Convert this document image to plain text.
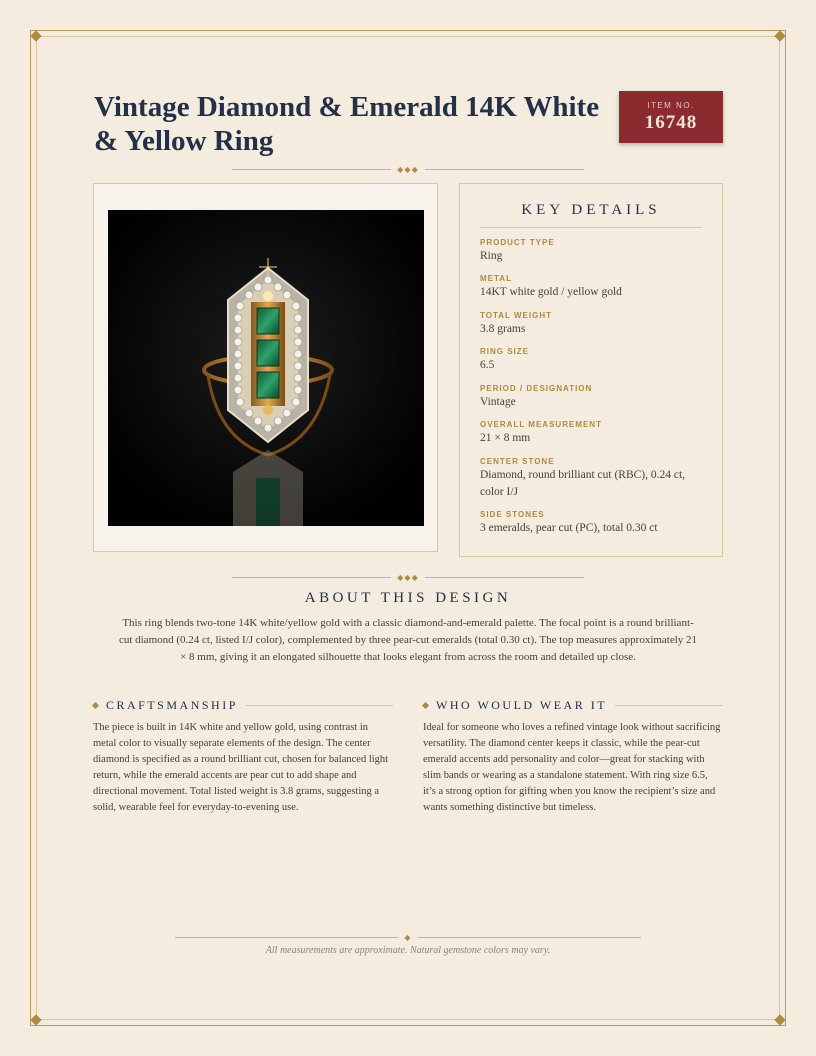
Vintage Diamond & Emerald 14K White & Yellow Ring
ITEM NO.
16748
◆◆◆
KEY DETAILS
PRODUCT TYPE
Ring
METAL
14KT white gold / yellow gold
TOTAL WEIGHT
3.8 grams
RING SIZE
6.5
PERIOD / DESIGNATION
Vintage
OVERALL MEASUREMENT
21 × 8 mm
CENTER STONE
Diamond, round brilliant cut (RBC), 0.24 ct, color I/J
SIDE STONES
3 emeralds, pear cut (PC), total 0.30 ct
◆◆◆
ABOUT THIS DESIGN

This ring blends two-tone 14K white/yellow gold with a classic diamond-and-emerald palette. The focal point is a round brilliant-cut diamond (0.24 ct, listed I/J color), complemented by three pear-cut emeralds (total 0.30 ct). The top measures approximately 21 × 8 mm, giving it an elongated silhouette that looks elegant from across the room and detailed up close.

CRAFTSMANSHIP

The piece is built in 14K white and yellow gold, using contrast in metal color to visually separate elements of the design. The center diamond is specified as a round brilliant cut, chosen for balanced light return, while the emerald accents are pear cut to add shape and directional movement. Total listed weight is 3.8 grams, suggesting a solid, wearable feel for everyday-to-evening use.

WHO WOULD WEAR IT

Ideal for someone who loves a refined vintage look without sacrificing versatility. The diamond center keeps it classic, while the pear-cut emerald accents add personality and color—great for stacking with slim bands or wearing as a standalone statement. With ring size 6.5, it’s a strong option for gifting when you know the recipient’s size and wants something distinctive but timeless.

◆
All measurements are approximate. Natural gemstone colors may vary.
